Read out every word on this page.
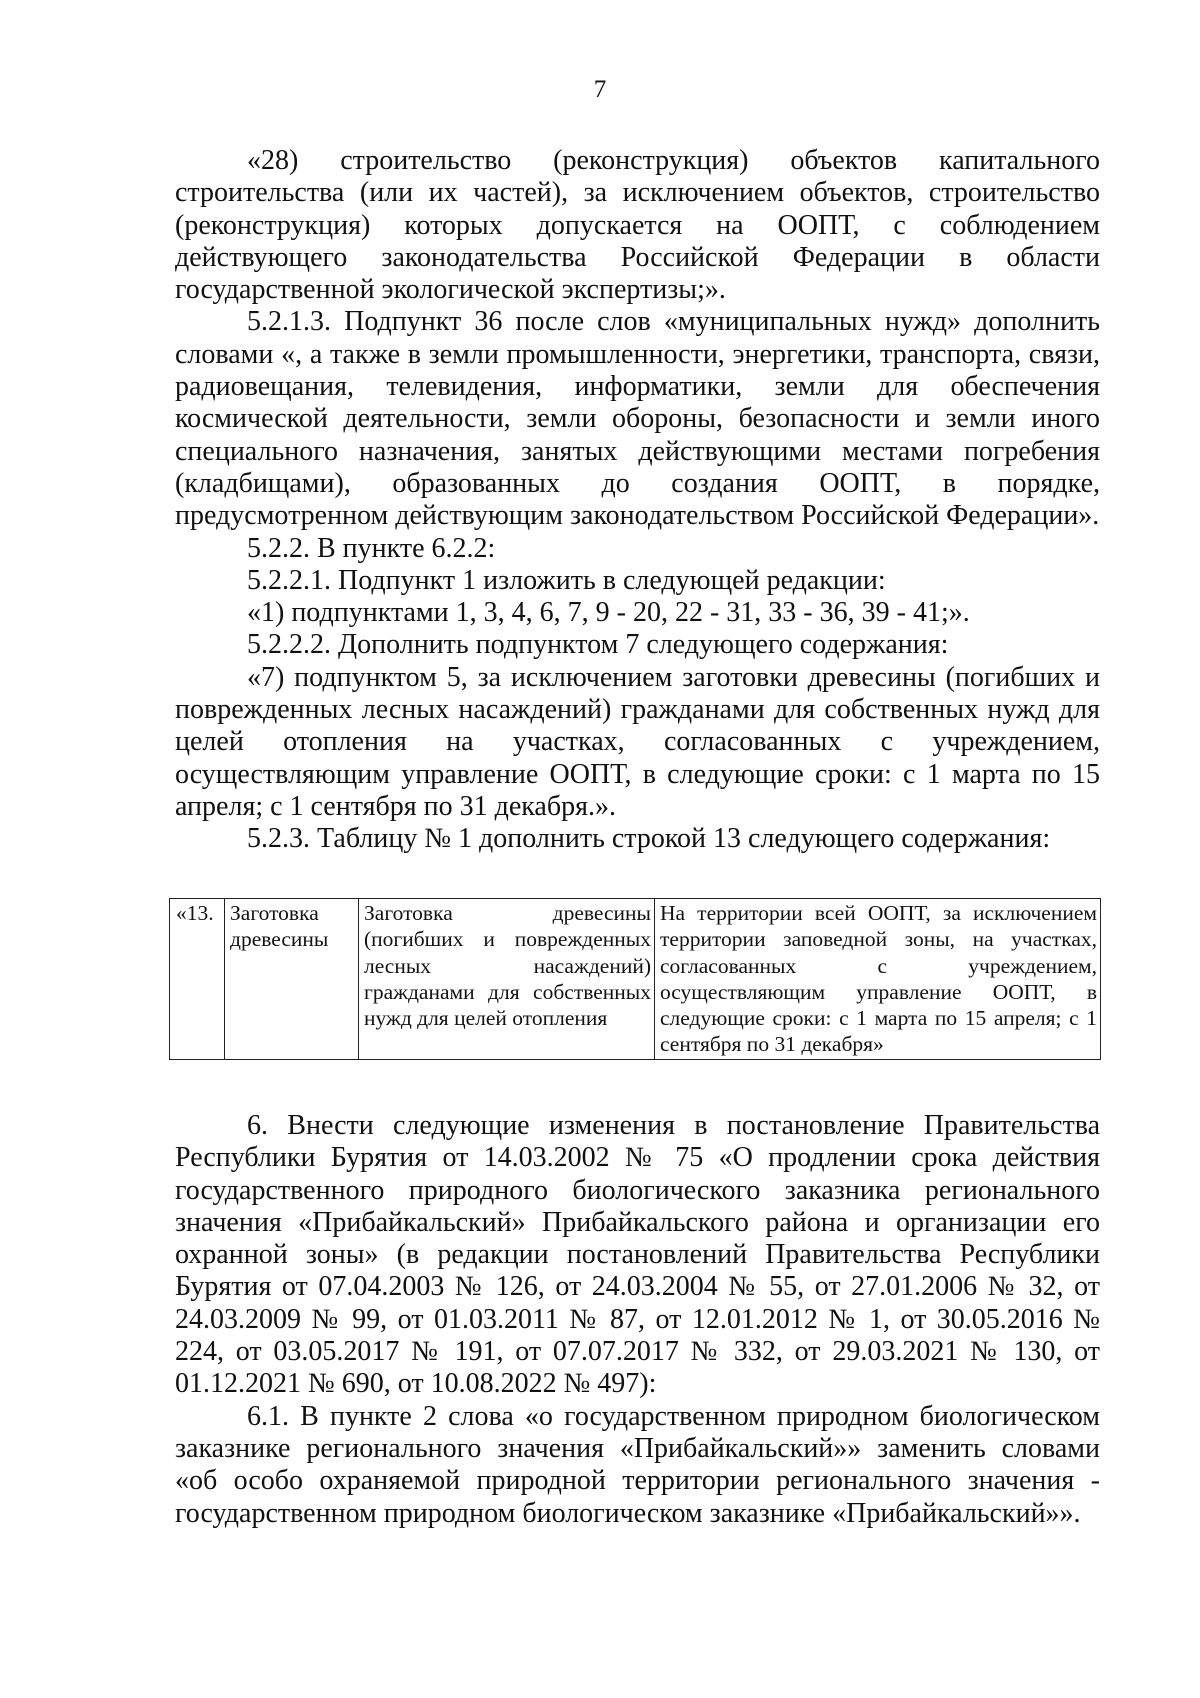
7

«28) строительство (реконструкция) объектов капитального строительства (или их частей), за исключением объектов, строительство (реконструкция) которых допускается на ООПТ, с соблюдением действующего законодательства Российской Федерации в области государственной экологической экспертизы;».

5.2.1.3. Подпункт 36 после слов «муниципальных нужд» дополнить словами «, а также в земли промышленности, энергетики, транспорта, связи, радиовещания, телевидения, информатики, земли для обеспечения космической деятельности, земли обороны, безопасности и земли иного специального назначения, занятых действующими местами погребения (кладбищами), образованных до создания ООПТ, в порядке, предусмотренном действующим законодательством Российской Федерации».

5.2.2. В пункте 6.2.2:

5.2.2.1. Подпункт 1 изложить в следующей редакции:

«1) подпунктами 1, 3, 4, 6, 7, 9 - 20, 22 - 31, 33 - 36, 39 - 41;».

5.2.2.2. Дополнить подпунктом 7 следующего содержания:

«7) подпунктом 5, за исключением заготовки древесины (погибших и поврежденных лесных насаждений) гражданами для собственных нужд для целей отопления на участках, согласованных с учреждением, осуществляющим управление ООПТ, в следующие сроки: с 1 марта по 15 апреля; с 1 сентября по 31 декабря.».

5.2.3. Таблицу № 1 дополнить строкой 13 следующего содержания:

«13.	Заготовка древесины	Заготовка древесины (погибших и поврежденных лесных насаждений) гражданами для собственных нужд для целей отопления	На территории всей ООПТ, за исключением территории заповедной зоны, на участках, согласованных с учреждением, осуществляющим управление ООПТ, в следующие сроки: с 1 марта по 15 апреля; с 1 сентября по 31 декабря»

6. Внести следующие изменения в постановление Правительства Республики Бурятия от 14.03.2002 № 75 «О продлении срока действия государственного природного биологического заказника регионального значения «Прибайкальский» Прибайкальского района и организации его охранной зоны» (в редакции постановлений Правительства Республики Бурятия от 07.04.2003 № 126, от 24.03.2004 № 55, от 27.01.2006 № 32, от 24.03.2009 № 99, от 01.03.2011 № 87, от 12.01.2012 № 1, от 30.05.2016 № 224, от 03.05.2017 № 191, от 07.07.2017 № 332, от 29.03.2021 № 130, от 01.12.2021 № 690, от 10.08.2022 № 497):

6.1. В пункте 2 слова «о государственном природном биологическом заказнике регионального значения «Прибайкальский»» заменить словами «об особо охраняемой природной территории регионального значения - государственном природном биологическом заказнике «Прибайкальский»».
